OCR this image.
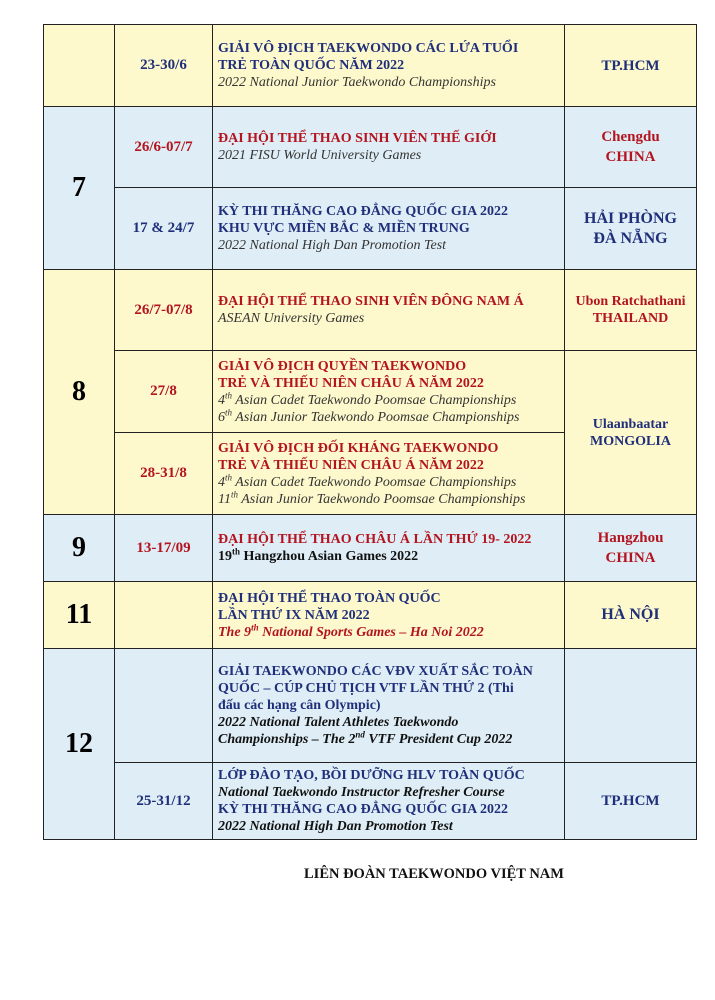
	23-30/6	GIẢI VÔ ĐỊCH TAEKWONDO CÁC LỨA TUỔI
TRẺ TOÀN QUỐC NĂM 2022
2022 National Junior Taekwondo Championships	TP.HCM
7	26/6-07/7	ĐẠI HỘI THỂ THAO SINH VIÊN THẾ GIỚI
2021 FISU World University Games	Chengdu
CHINA

	17 & 24/7	KỲ THI THĂNG CAO ĐẲNG QUỐC GIA 2022
KHU VỰC MIỀN BẮC & MIỀN TRUNG
2022 National High Dan Promotion Test	HẢI PHÒNG
ĐÀ NẴNG

8	26/7-07/8	ĐẠI HỘI THỂ THAO SINH VIÊN ĐÔNG NAM Á
ASEAN University Games	Ubon Ratchathani
THAILAND

	27/8	GIẢI VÔ ĐỊCH QUYỀN TAEKWONDO
TRẺ VÀ THIẾU NIÊN CHÂU Á NĂM 2022
4th Asian Cadet Taekwondo Poomsae Championships
6th Asian Junior Taekwondo Poomsae Championships	Ulaanbaatar
MONGOLIA

	28-31/8	GIẢI VÔ ĐỊCH ĐỐI KHÁNG TAEKWONDO
TRẺ VÀ THIẾU NIÊN CHÂU Á NĂM 2022
4th Asian Cadet Taekwondo Poomsae Championships
11th Asian Junior Taekwondo Poomsae Championships	

9	13-17/09	ĐẠI HỘI THỂ THAO CHÂU Á LẦN THỨ 19- 2022
19th Hangzhou Asian Games 2022	Hangzhou
CHINA

11		ĐẠI HỘI THỂ THAO TOÀN QUỐC
LẦN THỨ IX NĂM 2022
The 9th National Sports Games – Ha Noi 2022	HÀ NỘI
12		GIẢI TAEKWONDO CÁC VĐV XUẤT SẮC TOÀN
QUỐC – CÚP CHỦ TỊCH VTF LẦN THỨ 2 (Thi
đấu các hạng cân Olympic)
2022 National Talent Athletes Taekwondo
Championships – The 2nd VTF President Cup 2022	

	25-31/12	LỚP ĐÀO TẠO, BỒI DƯỠNG HLV TOÀN QUỐC
National Taekwondo Instructor Refresher Course
KỲ THI THĂNG CAO ĐẲNG QUỐC GIA 2022
2022 National High Dan Promotion Test	TP.HCM
LIÊN ĐOÀN TAEKWONDO VIỆT NAM
